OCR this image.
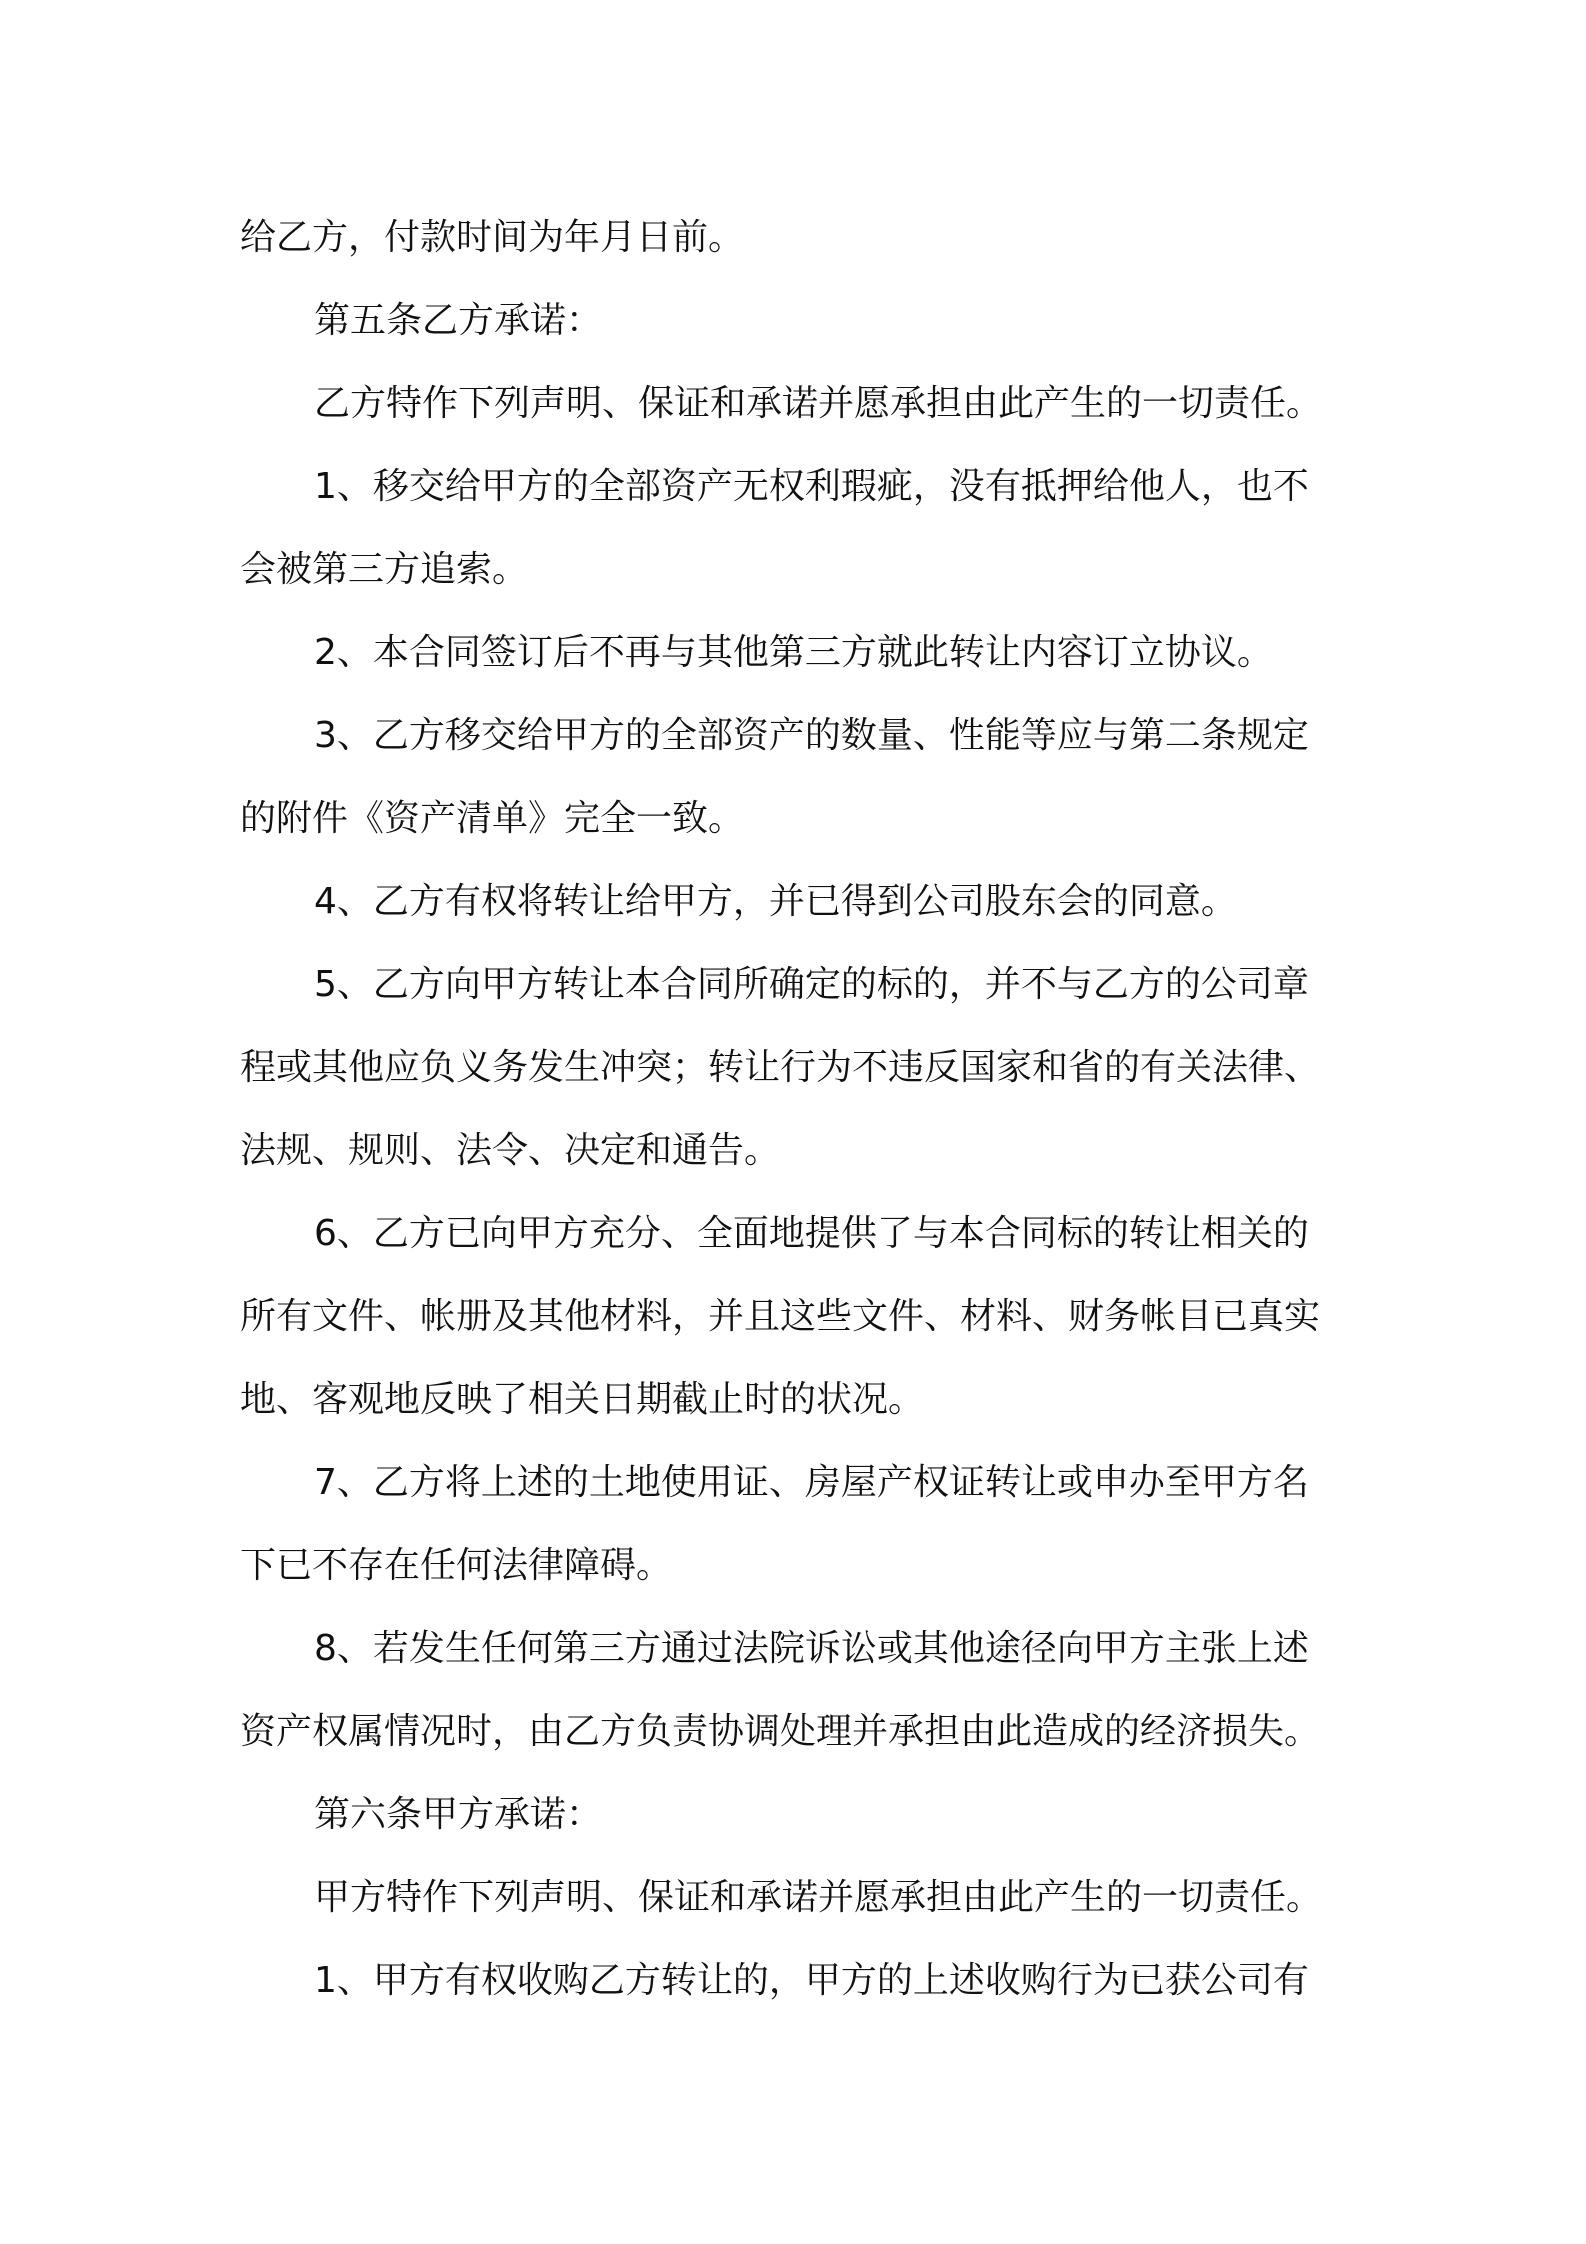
给乙方，付款时间为年月日前。
第五条乙方承诺：
乙方特作下列声明、保证和承诺并愿承担由此产生的一切责任。
1、移交给甲方的全部资产无权利瑕疵，没有抵押给他人，也不
会被第三方追索。
2、本合同签订后不再与其他第三方就此转让内容订立协议。
3、乙方移交给甲方的全部资产的数量、性能等应与第二条规定
的附件《资产清单》完全一致。
4、乙方有权将转让给甲方，并已得到公司股东会的同意。
5、乙方向甲方转让本合同所确定的标的，并不与乙方的公司章
程或其他应负义务发生冲突；转让行为不违反国家和省的有关法律、
法规、规则、法令、决定和通告。
6、乙方已向甲方充分、全面地提供了与本合同标的转让相关的
所有文件、帐册及其他材料，并且这些文件、材料、财务帐目已真实
地、客观地反映了相关日期截止时的状况。
7、乙方将上述的土地使用证、房屋产权证转让或申办至甲方名
下已不存在任何法律障碍。
8、若发生任何第三方通过法院诉讼或其他途径向甲方主张上述
资产权属情况时，由乙方负责协调处理并承担由此造成的经济损失。
第六条甲方承诺：
甲方特作下列声明、保证和承诺并愿承担由此产生的一切责任。
1、甲方有权收购乙方转让的，甲方的上述收购行为已获公司有
